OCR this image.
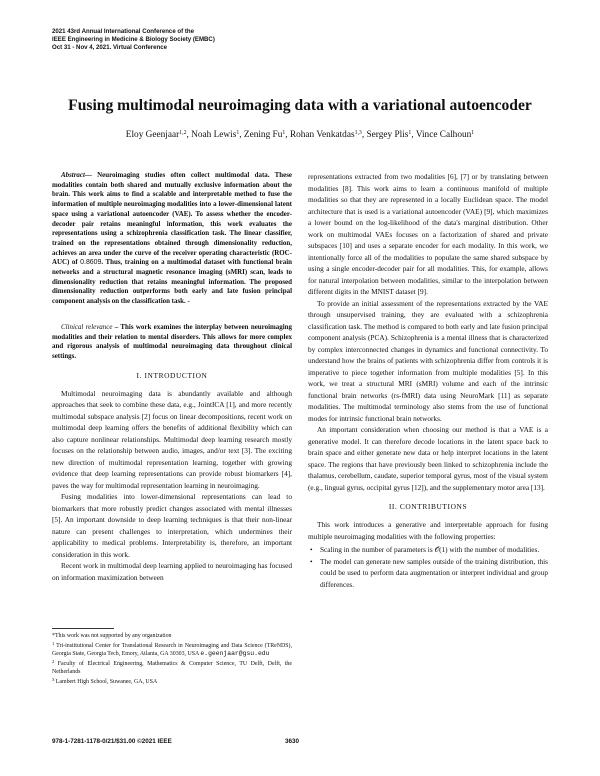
2021 43rd Annual International Conference of the
IEEE Engineering in Medicine & Biology Society (EMBC)
Oct 31 - Nov 4, 2021. Virtual Conference
Fusing multimodal neuroimaging data with a variational autoencoder
Eloy Geenjaar$^{1,2}$, Noah Lewis$^1$, Zening Fu$^1$, Rohan Venkatdas$^{1,3}$, Sergey Plis$^1$, Vince Calhoun$^1$

Abstract— Neuroimaging studies often collect multimodal data. These modalities contain both shared and mutually exclusive information about the brain. This work aims to find a scalable and interpretable method to fuse the information of multiple neuroimaging modalities into a lower-dimensional latent space using a variational autoencoder (VAE). To assess whether the encoder-decoder pair retains meaningful information, this work evaluates the representations using a schizophrenia classification task. The linear classifier, trained on the representations obtained through dimensionality reduction, achieves an area under the curve of the receiver operating characteristic (ROC-AUC) of 0.8609. Thus, training on a multimodal dataset with functional brain networks and a structural magnetic resonance imaging (sMRI) scan, leads to dimensionality reduction that retains meaningful information. The proposed dimensionality reduction outperforms both early and late fusion principal component analysis on the classification task. -

Clinical relevance – This work examines the interplay between neuroimaging modalities and their relation to mental disorders. This allows for more complex and rigorous analysis of multimodal neuroimaging data throughout clinical settings.

I. INTRODUCTION

Multimodal neuroimaging data is abundantly available and although approaches that seek to combine these data, e.g., JointICA [1], and more recently multimodal subspace analysis [2] focus on linear decompositions, recent work on multimodal deep learning offers the benefits of additional flexibility which can also capture nonlinear relationships. Multimodal deep learning research mostly focuses on the relationship between audio, images, and/or text [3]. The exciting new direction of multimodal representation learning, together with growing evidence that deep learning representations can provide robust biomarkers [4], paves the way for multimodal representation learning in neuroimaging.

Fusing modalities into lower-dimensional representations can lead to biomarkers that more robustly predict changes associated with mental illnesses [5]. An important downside to deep learning techniques is that their non-linear nature can present challenges to interpretation, which undermines their applicability to medical problems. Interpretability is, therefore, an important consideration in this work.

Recent work in multimodal deep learning applied to neuroimaging has focused on information maximization between

*This work was not supported by any organization
$^1$ Tri-institutional Center for Translational Research in Neuroimaging and Data Science (TReNDS), Georgia State, Georgia Tech, Emory, Atlanta, GA 30303, USA e.geenjaar@gsu.edu
$^2$ Faculty of Electrical Engineering, Mathematics & Computer Science, TU Delft, Delft, the Netherlands
$^3$ Lambert High School, Suwanee, GA, USA

representations extracted from two modalities [6], [7] or by translating between modalities [8]. This work aims to learn a continuous manifold of multiple modalities so that they are represented in a locally Euclidean space. The model architecture that is used is a variational autoencoder (VAE) [9], which maximizes a lower bound on the log-likelihood of the data's marginal distribution. Other work on multimodal VAEs focuses on a factorization of shared and private subspaces [10] and uses a separate encoder for each modality. In this work, we intentionally force all of the modalities to populate the same shared subspace by using a single encoder-decoder pair for all modalities. This, for example, allows for natural interpolation between modalities, similar to the interpolation between different digits in the MNIST dataset [9].

To provide an initial assessment of the representations extracted by the VAE through unsupervised training, they are evaluated with a schizophrenia classification task. The method is compared to both early and late fusion principal component analysis (PCA). Schizophrenia is a mental illness that is characterized by complex interconnected changes in dynamics and functional connectivity. To understand how the brains of patients with schizophrenia differ from controls it is imperative to piece together information from multiple modalities [5]. In this work, we treat a structural MRI (sMRI) volume and each of the intrinsic functional brain networks (rs-fMRI) data using NeuroMark [11] as separate modalities. The multimodal terminology also stems from the use of functional modes for intrinsic functional brain networks.

An important consideration when choosing our method is that a VAE is a generative model. It can therefore decode locations in the latent space back to brain space and either generate new data or help interpret locations in the latent space. The regions that have previously been linked to schizophrenia include the thalamus, cerebellum, caudate, superior temporal gyrus, most of the visual system (e.g., lingual gyrus, occipital gyrus [12]), and the supplementary motor area [13].

II. CONTRIBUTIONS

This work introduces a generative and interpretable approach for fusing multiple neuroimaging modalities with the following properties:

• Scaling in the number of parameters is 𝒪(1) with the number of modalities.
• The model can generate new samples outside of the training distribution, this could be used to perform data augmentation or interpret individual and group differences.
978-1-7281-1178-0/21/$31.00 ©2021 IEEE	3630
